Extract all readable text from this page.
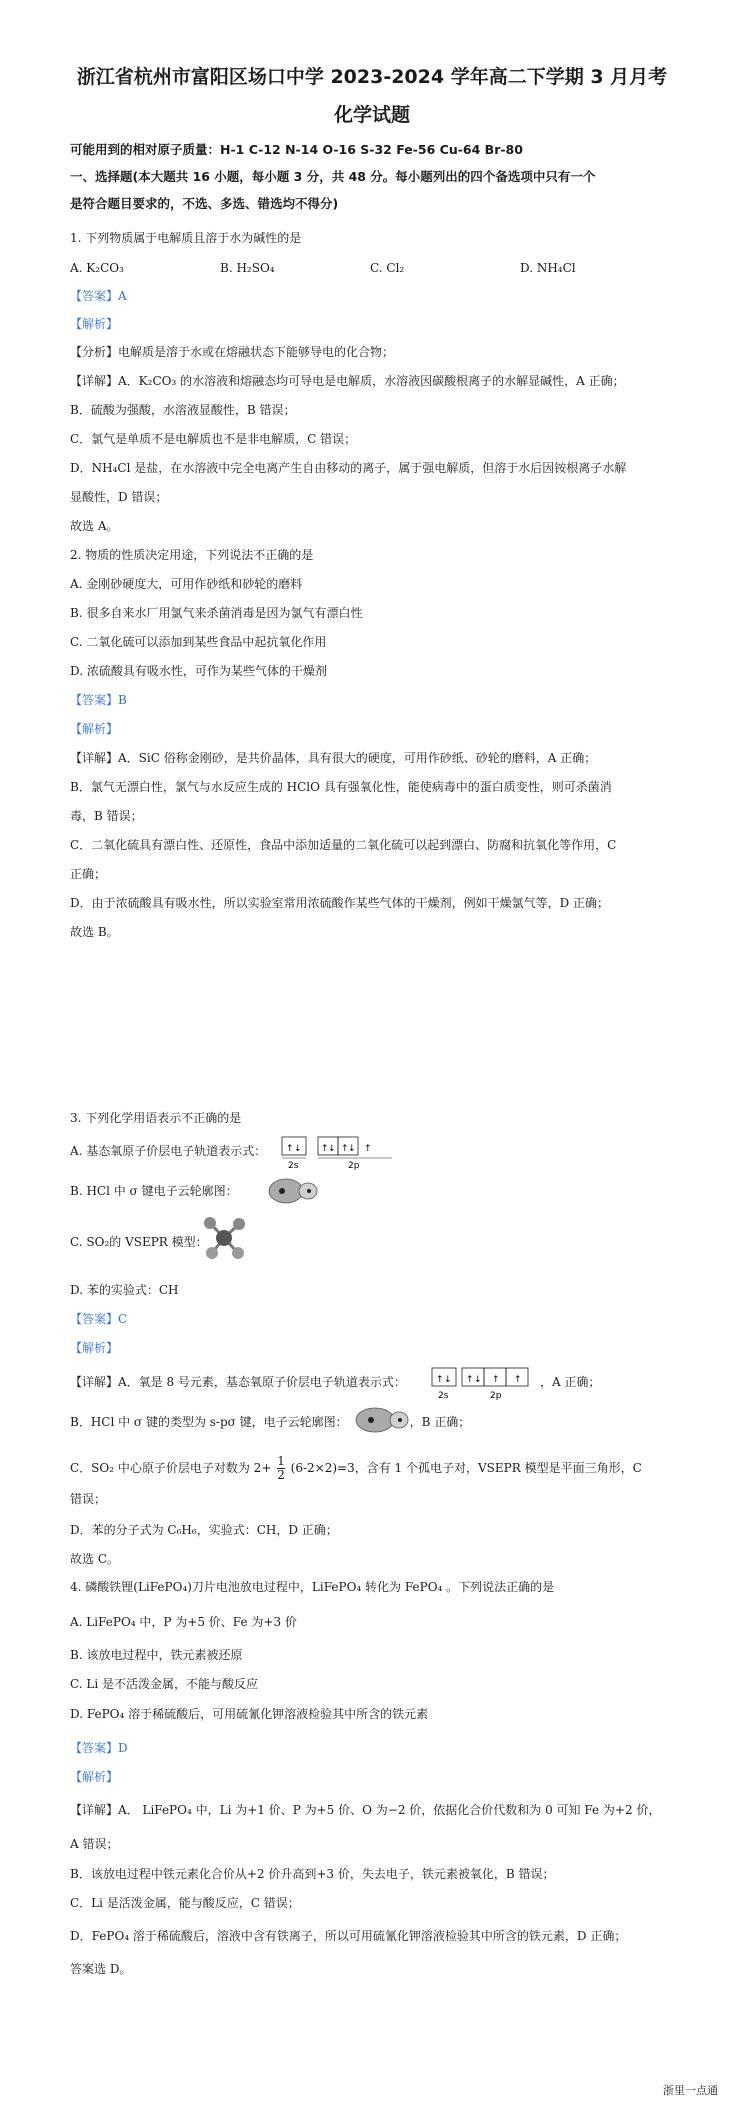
浙江省杭州市富阳区场口中学 2023-2024 学年高二下学期 3 月月考
化学试题
可能用到的相对原子质量：H-1 C-12 N-14 O-16 S-32 Fe-56 Cu-64 Br-80
一、选择题(本大题共 16 小题，每小题 3 分，共 48 分。每小题列出的四个备选项中只有一个
是符合题目要求的，不选、多选、错选均不得分)
1. 下列物质属于电解质且溶于水为碱性的是
A. K₂CO₃	B. H₂SO₄	C. Cl₂	D. NH₄Cl
【答案】A
【解析】
【分析】电解质是溶于水或在熔融状态下能够导电的化合物；
【详解】A．K₂CO₃ 的水溶液和熔融态均可导电是电解质，水溶液因碳酸根离子的水解显碱性，A 正确；
B．硫酸为强酸，水溶液显酸性，B 错误；
C．氯气是单质不是电解质也不是非电解质，C 错误；
D．NH₄Cl 是盐，在水溶液中完全电离产生自由移动的离子，属于强电解质，但溶于水后因铵根离子水解
显酸性，D 错误；
故选 A。
2. 物质的性质决定用途，下列说法不正确的是
A. 金刚砂硬度大，可用作砂纸和砂轮的磨料
B. 很多自来水厂用氯气来杀菌消毒是因为氯气有漂白性
C. 二氧化硫可以添加到某些食品中起抗氧化作用
D. 浓硫酸具有吸水性，可作为某些气体的干燥剂
【答案】B
【解析】
【详解】A．SiC 俗称金刚砂，是共价晶体，具有很大的硬度，可用作砂纸、砂轮的磨料，A 正确；
B．氯气无漂白性，氯气与水反应生成的 HClO 具有强氧化性，能使病毒中的蛋白质变性，则可杀菌消
毒，B 错误；
C．二氧化硫具有漂白性、还原性，食品中添加适量的二氧化硫可以起到漂白、防腐和抗氧化等作用，C
正确；
D．由于浓硫酸具有吸水性，所以实验室常用浓硫酸作某些气体的干燥剂，例如干燥氯气等，D 正确；
故选 B。
3. 下列化学用语表示不正确的是
A. 基态氧原子价层电子轨道表示式：	↑ ↓ ↑ ↓ ↑ ↓ ↑
2s	2p
B. HCl 中 σ 键电子云轮廓图：
C. SO₂的 VSEPR 模型：
D. 苯的实验式：CH
【答案】C
【解析】
【详解】A．氧是 8 号元素，基态氧原子价层电子轨道表示式：	，A 正确；
↑ ↓ ↑ ↓ ↑ ↑
2s	2p
B．HCl 中 σ 键的类型为 s-pσ 键，电子云轮廓图：	，B 正确；
C．SO₂ 中心原子价层电子对数为 $2+ \frac{1}{2} (6-2\times 2)=3$，含有 1 个孤电子对，VSEPR 模型是平面三角形，C
错误；
D．苯的分子式为 C₆H₆，实验式：CH，D 正确；
故选 C。
4. 磷酸铁锂(LiFePO₄)刀片电池放电过程中，LiFePO₄ 转化为 FePO₄ 。下列说法正确的是
A. LiFePO₄ 中，P 为+5 价、Fe 为+3 价
B. 该放电过程中，铁元素被还原
C. Li 是不活泼金属，不能与酸反应
D. FePO₄ 溶于稀硫酸后，可用硫氰化钾溶液检验其中所含的铁元素
【答案】D
【解析】
【详解】A． LiFePO₄ 中，Li 为+1 价、P 为+5 价、O 为−2 价，依据化合价代数和为 0 可知 Fe 为+2 价，
A 错误；
B．该放电过程中铁元素化合价从+2 价升高到+3 价，失去电子，铁元素被氧化，B 错误；
C．Li 是活泼金属，能与酸反应，C 错误；
D．FePO₄ 溶于稀硫酸后，溶液中含有铁离子，所以可用硫氰化钾溶液检验其中所含的铁元素，D 正确；
答案选 D。
浙里一点通
